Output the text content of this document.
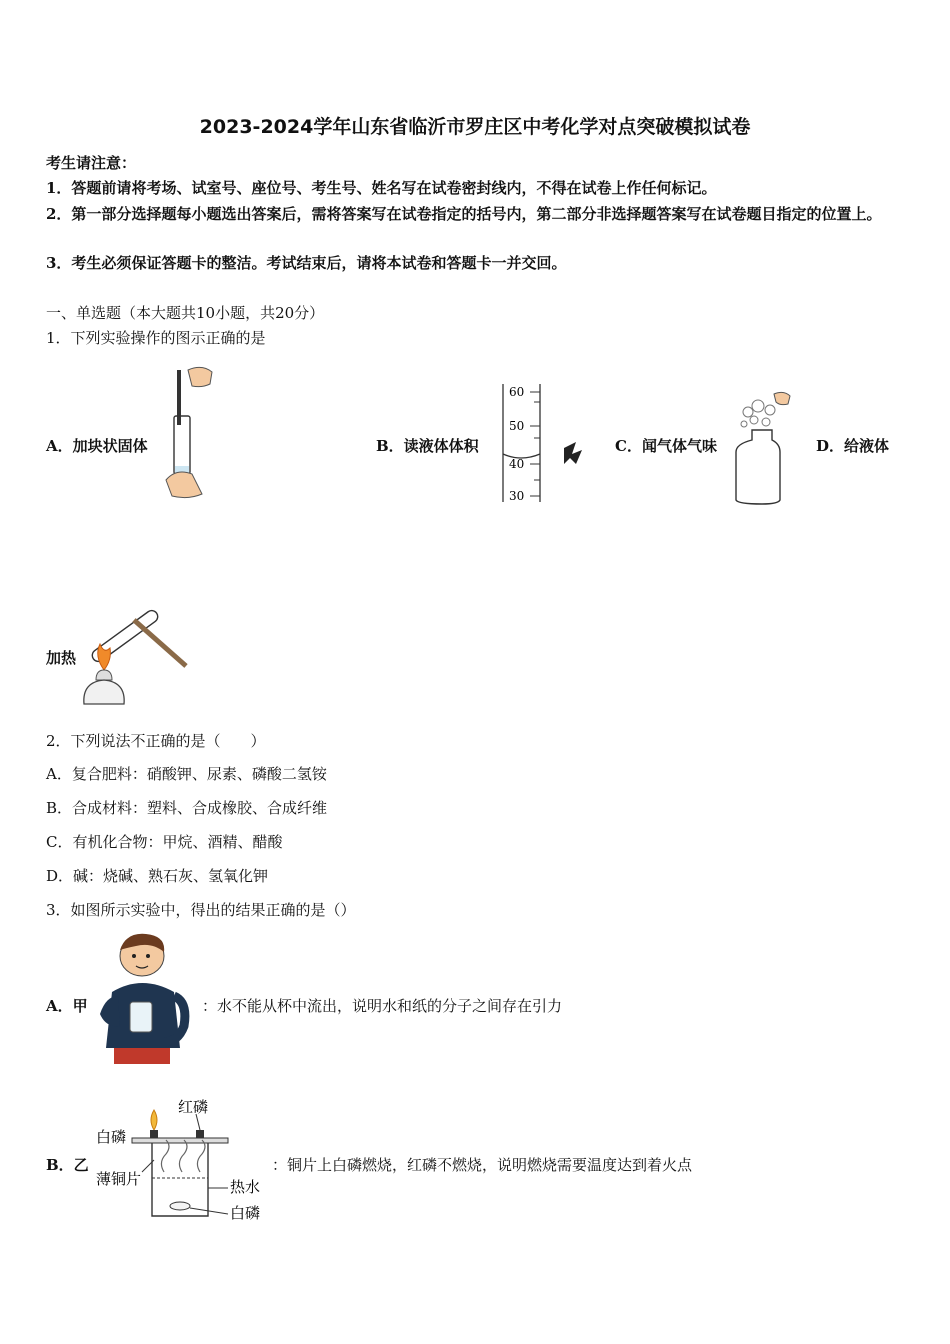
2023-2024学年山东省临沂市罗庄区中考化学对点突破模拟试卷
考生请注意：
1．答题前请将考场、试室号、座位号、考生号、姓名写在试卷密封线内，不得在试卷上作任何标记。
2．第一部分选择题每小题选出答案后，需将答案写在试卷指定的括号内，第二部分非选择题答案写在试卷题目指定的位置上。
3．考生必须保证答题卡的整洁。考试结束后，请将本试卷和答题卡一并交回。
一、单选题（本大题共10小题，共20分）
1．下列实验操作的图示正确的是
A．加块状固体	B．读液体体积
60
50
40
30
C．闻气体气味	D．给液体
加热
2．下列说法不正确的是（　　）
A．复合肥料：硝酸钾、尿素、磷酸二氢铵
B．合成材料：塑料、合成橡胶、合成纤维
C．有机化合物：甲烷、酒精、醋酸
D．碱：烧碱、熟石灰、氢氧化钾
3．如图所示实验中，得出的结果正确的是（）
A．甲	：水不能从杯中流出，说明水和纸的分子之间存在引力
B．乙
红磷
白磷
薄铜片	热水
白磷
：铜片上白磷燃烧，红磷不燃烧，说明燃烧需要温度达到着火点
